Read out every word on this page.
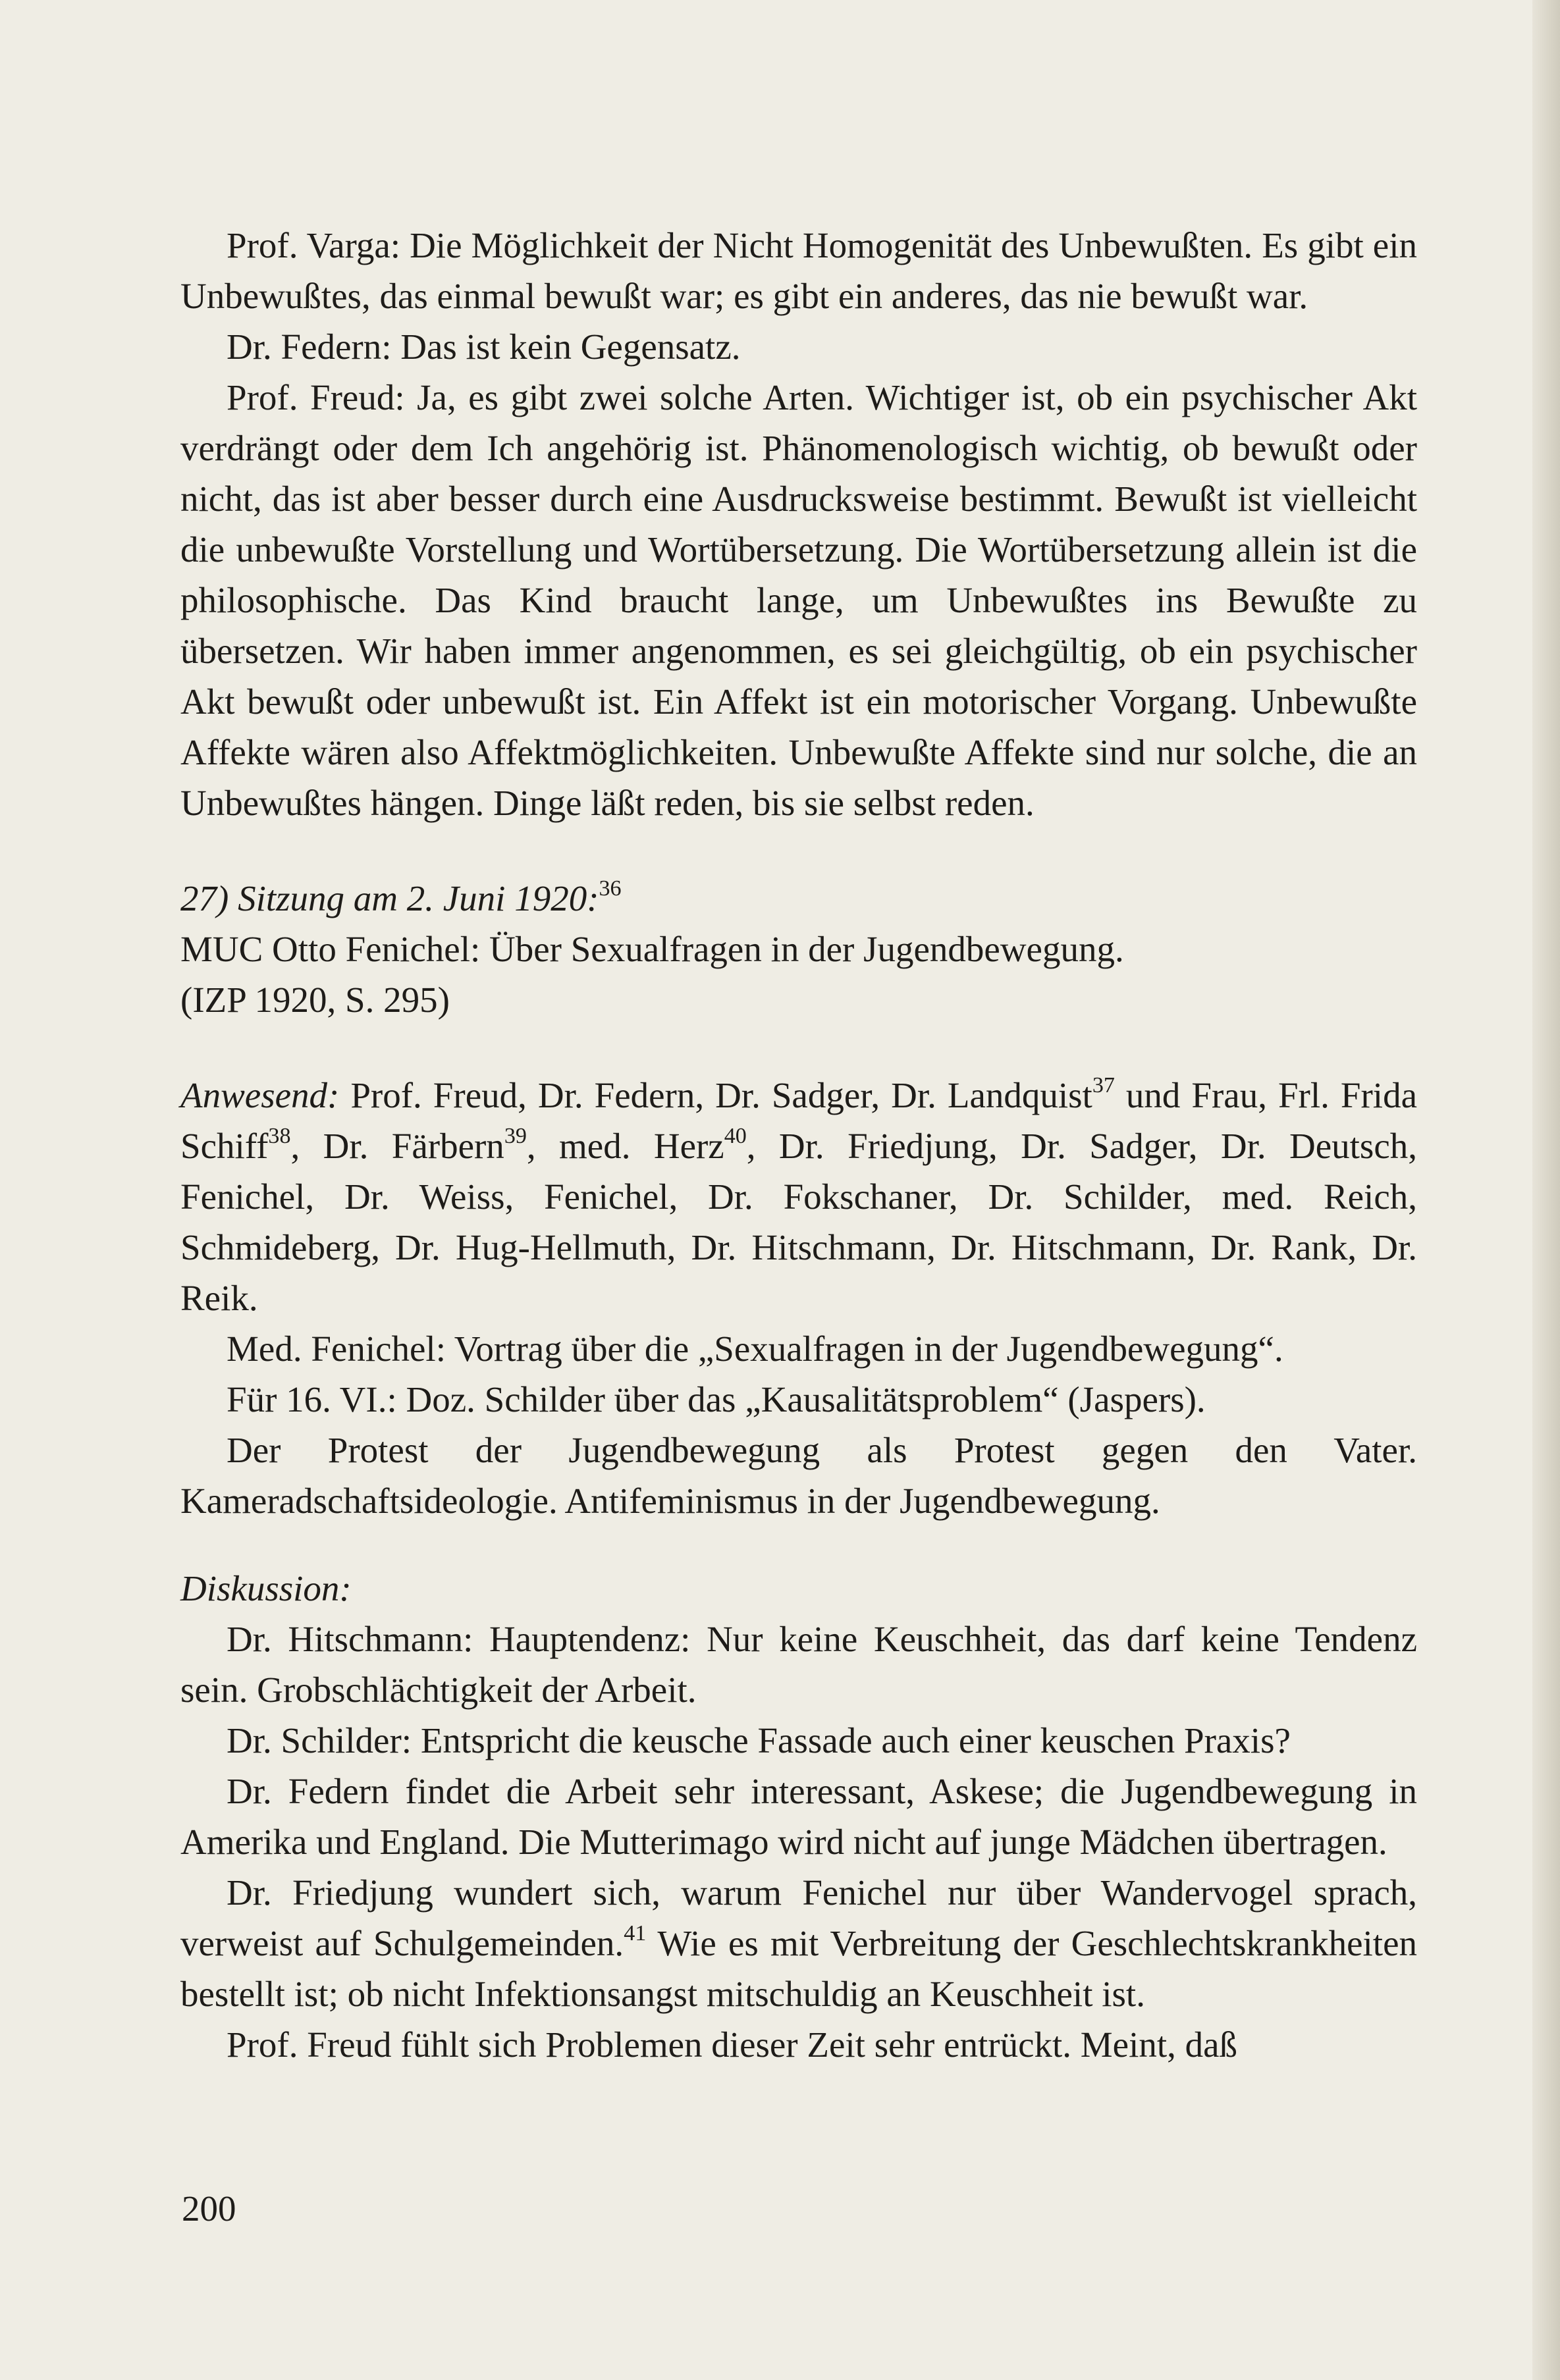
Prof. Varga: Die Möglichkeit der Nicht Homogenität des Unbewußten. Es gibt ein Unbewußtes, das einmal bewußt war; es gibt ein anderes, das nie bewußt war.

Dr. Federn: Das ist kein Gegensatz.

Prof. Freud: Ja, es gibt zwei solche Arten. Wichtiger ist, ob ein psychischer Akt verdrängt oder dem Ich angehörig ist. Phänomenologisch wichtig, ob bewußt oder nicht, das ist aber besser durch eine Ausdrucksweise bestimmt. Bewußt ist vielleicht die unbewußte Vorstellung und Wortübersetzung. Die Wortübersetzung allein ist die philosophische. Das Kind braucht lange, um Unbewußtes ins Bewußte zu übersetzen. Wir haben immer angenommen, es sei gleichgültig, ob ein psychischer Akt bewußt oder unbewußt ist. Ein Affekt ist ein motorischer Vorgang. Unbewußte Affekte wären also Affektmöglichkeiten. Unbewußte Affekte sind nur solche, die an Unbewußtes hängen. Dinge läßt reden, bis sie selbst reden.

27) Sitzung am 2. Juni 1920:$^{36}$

MUC Otto Fenichel: Über Sexualfragen in der Jugendbewegung.

(IZP 1920, S. 295)

Anwesend: Prof. Freud, Dr. Federn, Dr. Sadger, Dr. Landquist$^{37}$ und Frau, Frl. Frida Schiff$^{38}$, Dr. Färbern$^{39}$, med. Herz$^{40}$, Dr. Friedjung, Dr. Sadger, Dr. Deutsch, Fenichel, Dr. Weiss, Fenichel, Dr. Fokschaner, Dr. Schilder, med. Reich, Schmideberg, Dr. Hug-Hellmuth, Dr. Hitschmann, Dr. Hitschmann, Dr. Rank, Dr. Reik.

Med. Fenichel: Vortrag über die „Sexualfragen in der Jugendbewegung“.

Für 16. VI.: Doz. Schilder über das „Kausalitätsproblem“ (Jaspers).

Der Protest der Jugendbewegung als Protest gegen den Vater. Kameradschaftsideologie. Antifeminismus in der Jugendbewegung.

Diskussion:

Dr. Hitschmann: Hauptendenz: Nur keine Keuschheit, das darf keine Tendenz sein. Grobschlächtigkeit der Arbeit.

Dr. Schilder: Entspricht die keusche Fassade auch einer keuschen Praxis?

Dr. Federn findet die Arbeit sehr interessant, Askese; die Jugendbewegung in Amerika und England. Die Mutterimago wird nicht auf junge Mädchen übertragen.

Dr. Friedjung wundert sich, warum Fenichel nur über Wandervogel sprach, verweist auf Schulgemeinden.$^{41}$ Wie es mit Verbreitung der Geschlechtskrankheiten bestellt ist; ob nicht Infektionsangst mitschuldig an Keuschheit ist.

Prof. Freud fühlt sich Problemen dieser Zeit sehr entrückt. Meint, daß

200
